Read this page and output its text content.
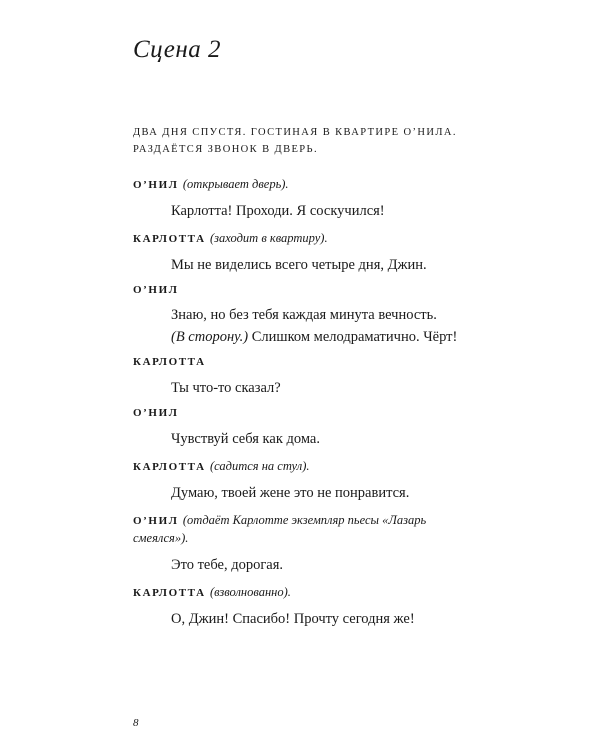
Сцена 2
ДВА ДНЯ СПУСТЯ. ГОСТИНАЯ В КВАРТИРЕ О’НИЛА.
РАЗДАЁТСЯ ЗВОНОК В ДВЕРЬ.
О’НИЛ (открывает дверь).
Карлотта! Проходи. Я соскучился!
КАРЛОТТА (заходит в квартиру).
Мы не виделись всего четыре дня, Джин.
О’НИЛ
Знаю, но без тебя каждая минута вечность.
(В сторону.) Слишком мелодраматично. Чёрт!
КАРЛОТТА
Ты что-то сказал?
О’НИЛ
Чувствуй себя как дома.
КАРЛОТТА (садится на стул).
Думаю, твоей жене это не понравится.
О’НИЛ (отдаёт Карлотте экземпляр пьесы «Лазарь
смеялся»).
Это тебе, дорогая.
КАРЛОТТА (взволнованно).
О, Джин! Спасибо! Прочту сегодня же!
8
